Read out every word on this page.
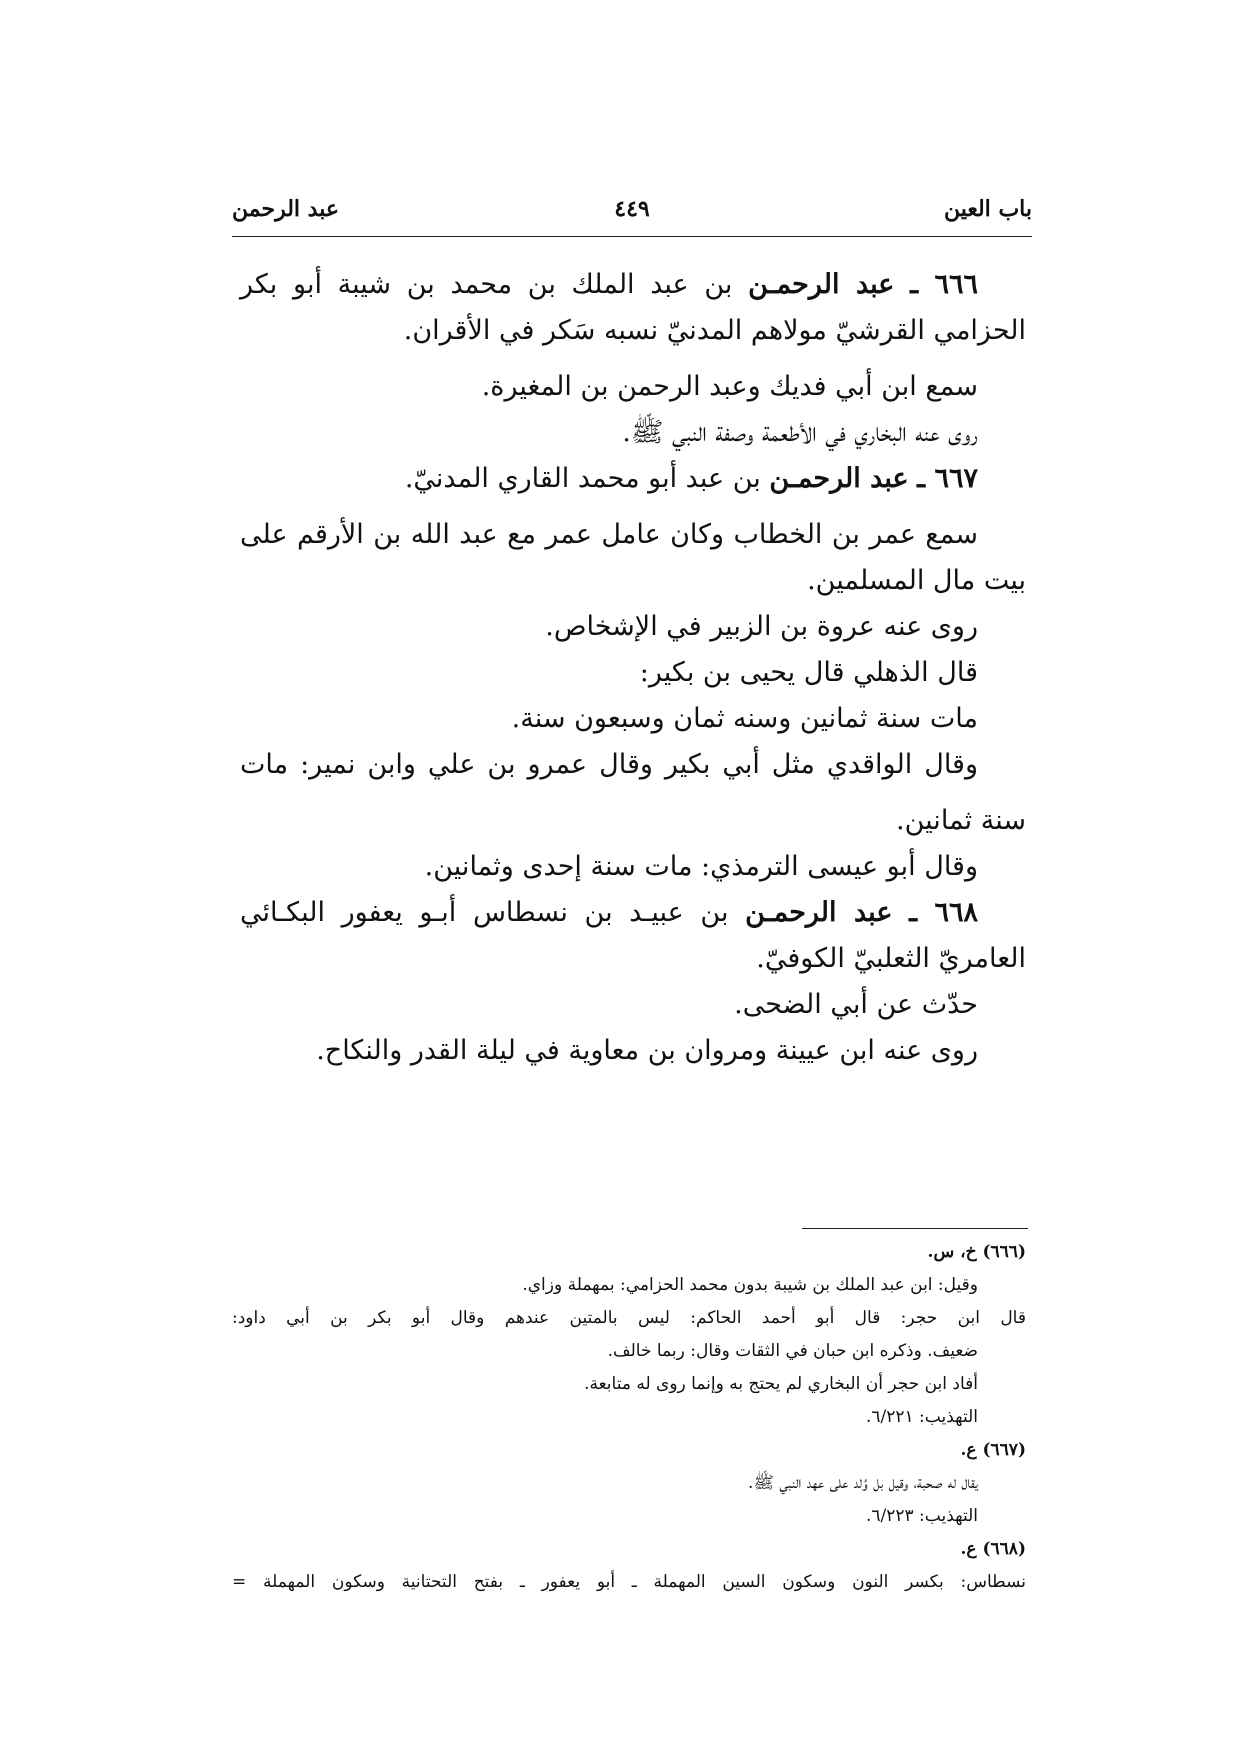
باب العين
٤٤٩
عبد الرحمن
٦٦٦ ـ عبد الرحمـن بن عبد الملك بن محمد بن شيبة أبو بكر
الحزامي القرشيّ مولاهم المدنيّ نسبه سَكر في الأقران.
سمع ابن أبي فديك وعبد الرحمن بن المغيرة.
روى عنه البخاري في الأطعمة وصفة النبي ﷺ.
٦٦٧ ـ عبد الرحمـن بن عبد أبو محمد القاري المدنيّ.
سمع عمر بن الخطاب وكان عامل عمر مع عبد الله بن الأرقم على
بيت مال المسلمين.
روى عنه عروة بن الزبير في الإشخاص.
قال الذهلي قال يحيى بن بكير:
مات سنة ثمانين وسنه ثمان وسبعون سنة.
وقال الواقدي مثل أبي بكير وقال عمرو بن علي وابن نمير: مات
سنة ثمانين.
وقال أبو عيسى الترمذي: مات سنة إحدى وثمانين.
٦٦٨ ـ عبد الرحمـن بن عبيـد بن نسطاس أبـو يعفور البكـائي
العامريّ الثعلبيّ الكوفيّ.
حدّث عن أبي الضحى.
روى عنه ابن عيينة ومروان بن معاوية في ليلة القدر والنكاح.
(٦٦٦) خ، س.
وقيل: ابن عبد الملك بن شيبة بدون محمد الحزامي: بمهملة وزاي.
قال ابن حجر: قال أبو أحمد الحاكم: ليس بالمتين عندهم وقال أبو بكر بن أبي داود:
ضعيف. وذكره ابن حبان في الثقات وقال: ربما خالف.
أفاد ابن حجر أن البخاري لم يحتج به وإنما روى له متابعة.
التهذيب: ٦/٢٢١.
(٦٦٧) ع.
يقال له صحبة، وقيل بل وُلد على عهد النبي ﷺ.
التهذيب: ٦/٢٢٣.
(٦٦٨) ع.
نسطاس: بكسر النون وسكون السين المهملة ـ أبو يعفور ـ بفتح التحتانية وسكون المهملة =
